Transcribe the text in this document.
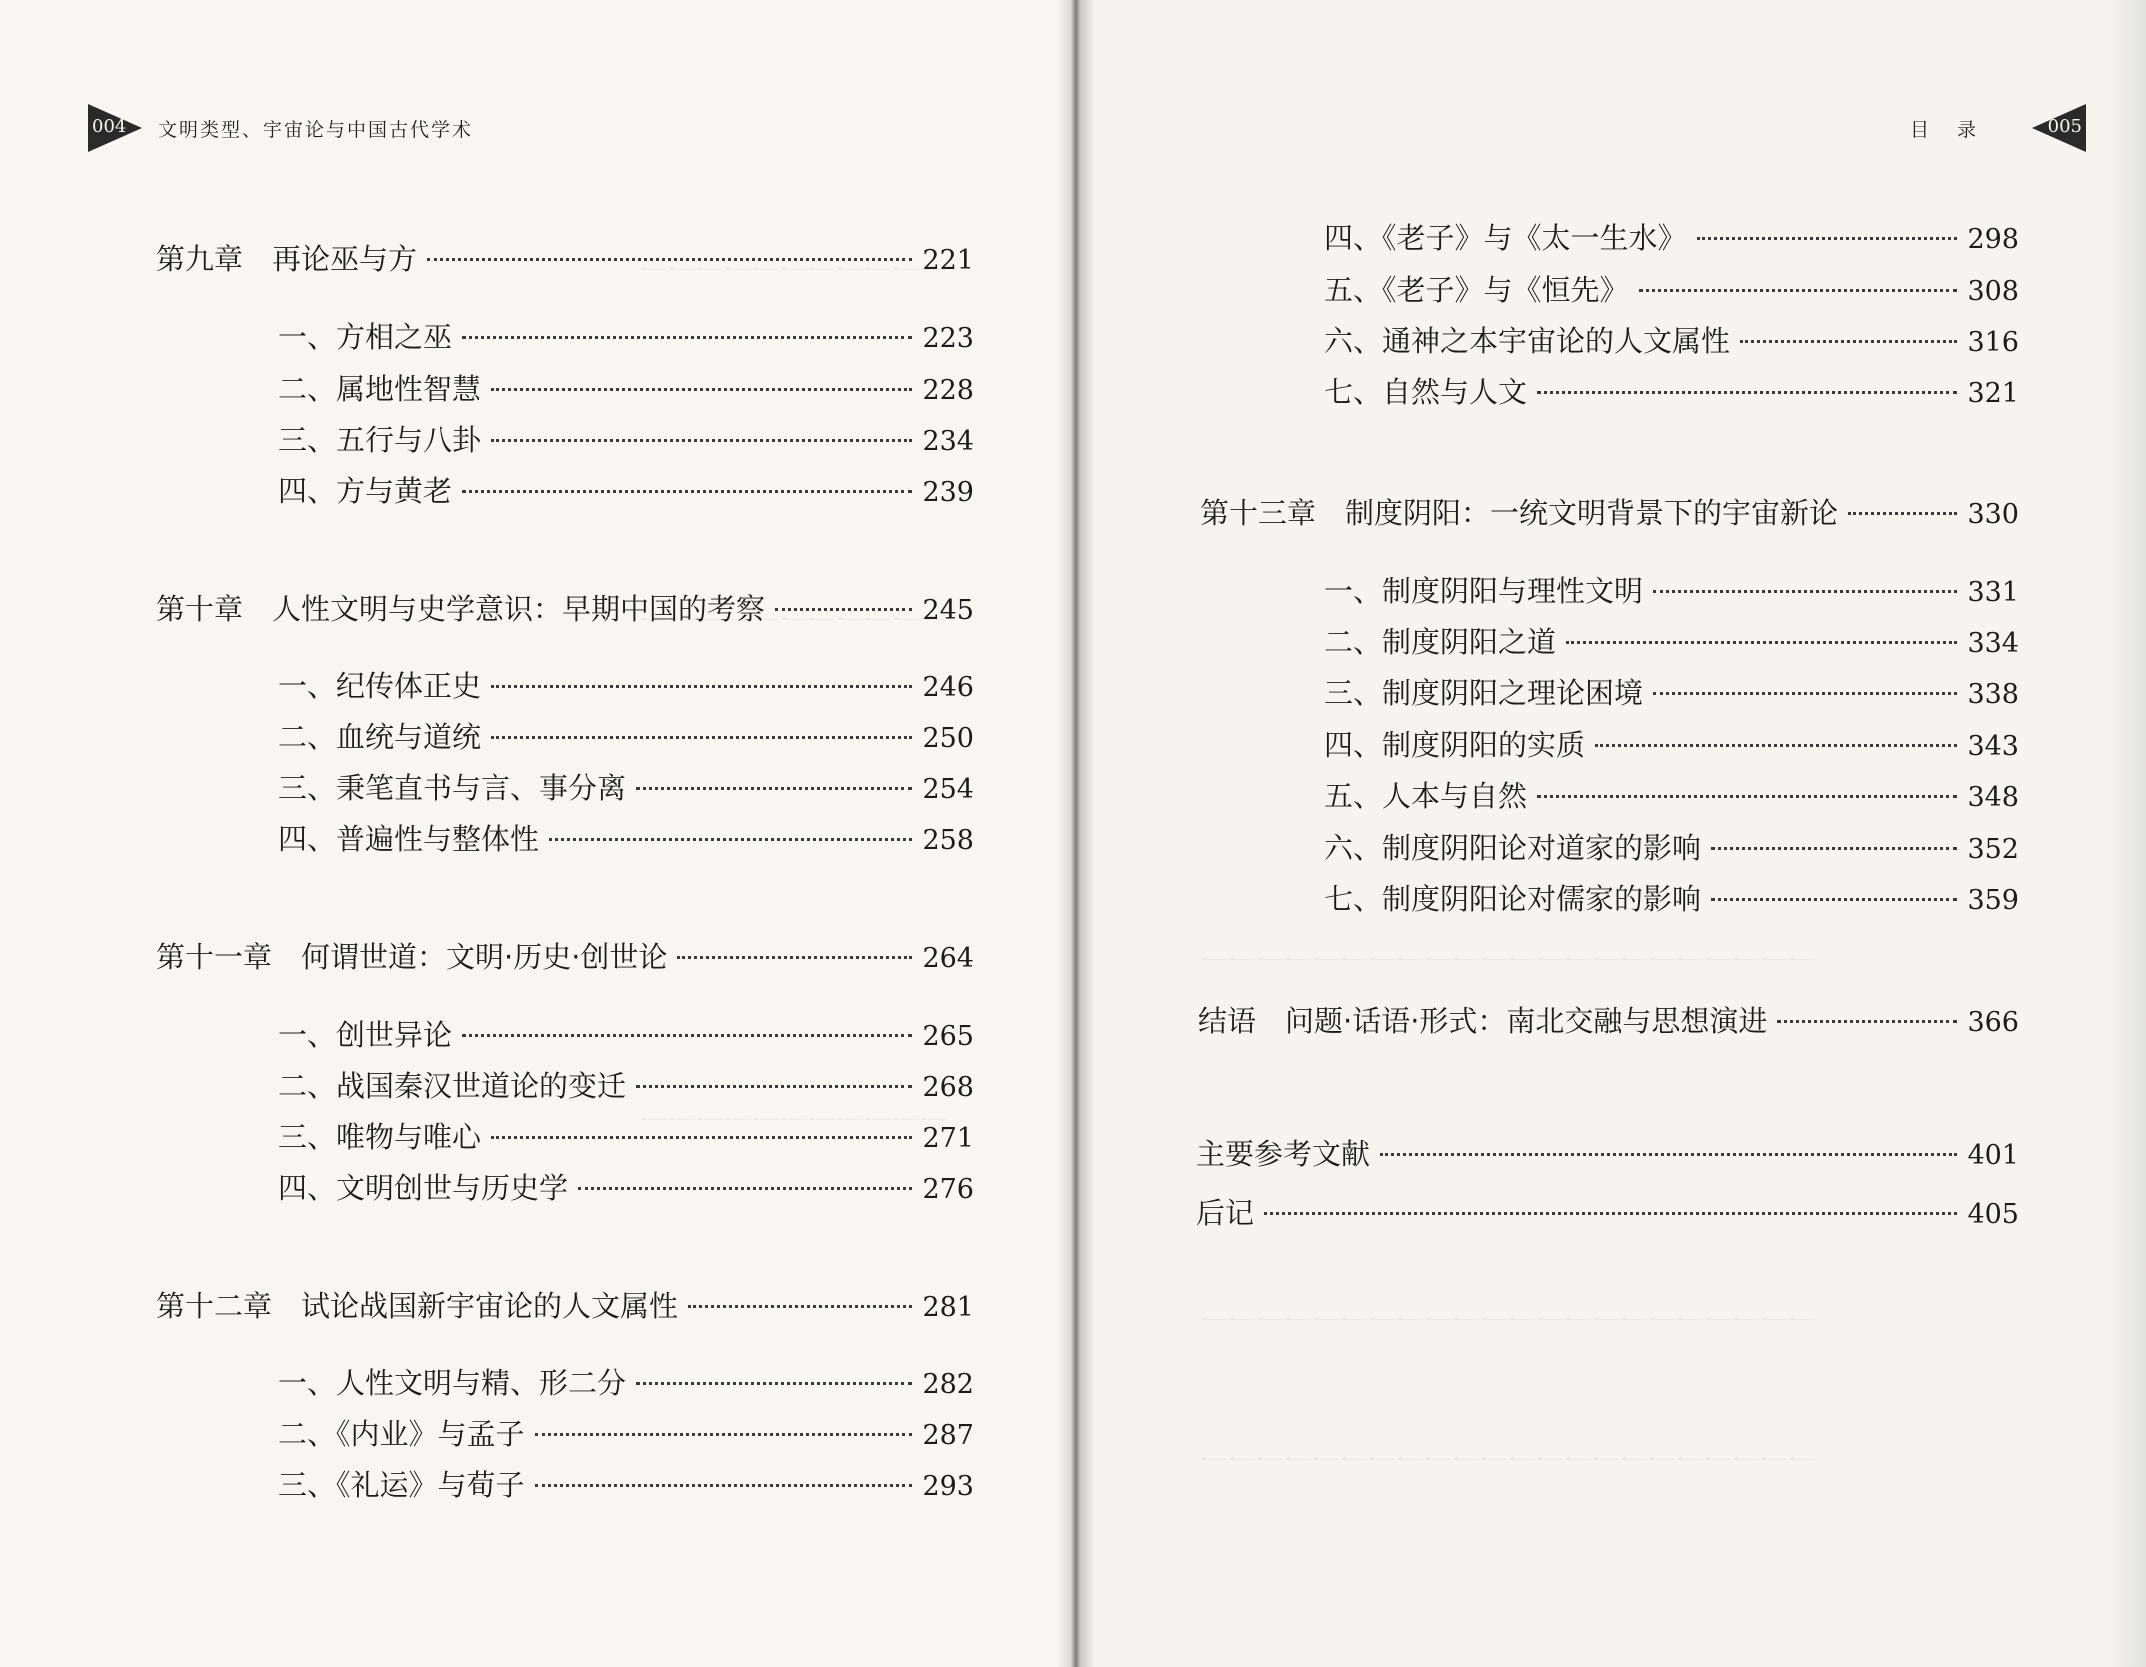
004 文明类型、宇宙论与中国古代学术	目录 005
第九章　再论巫与方	221
一、方相之巫	223
二、属地性智慧	228
三、五行与八卦	234
四、方与黄老	239
第十章　人性文明与史学意识：早期中国的考察	245
一、纪传体正史	246
二、血统与道统	250
三、秉笔直书与言、事分离	254
四、普遍性与整体性	258
第十一章　何谓世道：文明·历史·创世论	264
一、创世异论	265
二、战国秦汉世道论的变迁	268
三、唯物与唯心	271
四、文明创世与历史学	276
第十二章　试论战国新宇宙论的人文属性	281
一、人性文明与精、形二分	282
二、《内业》与孟子	287
三、《礼运》与荀子	293
四、《老子》与《太一生水》	298
五、《老子》与《恒先》	308
六、通神之本宇宙论的人文属性	316
七、自然与人文	321
第十三章　制度阴阳：一统文明背景下的宇宙新论	330
一、制度阴阳与理性文明	331
二、制度阴阳之道	334
三、制度阴阳之理论困境	338
四、制度阴阳的实质	343
五、人本与自然	348
六、制度阴阳论对道家的影响	352
七、制度阴阳论对儒家的影响	359
结语　问题·话语·形式：南北交融与思想演进	366
主要参考文献	401
后记	405
